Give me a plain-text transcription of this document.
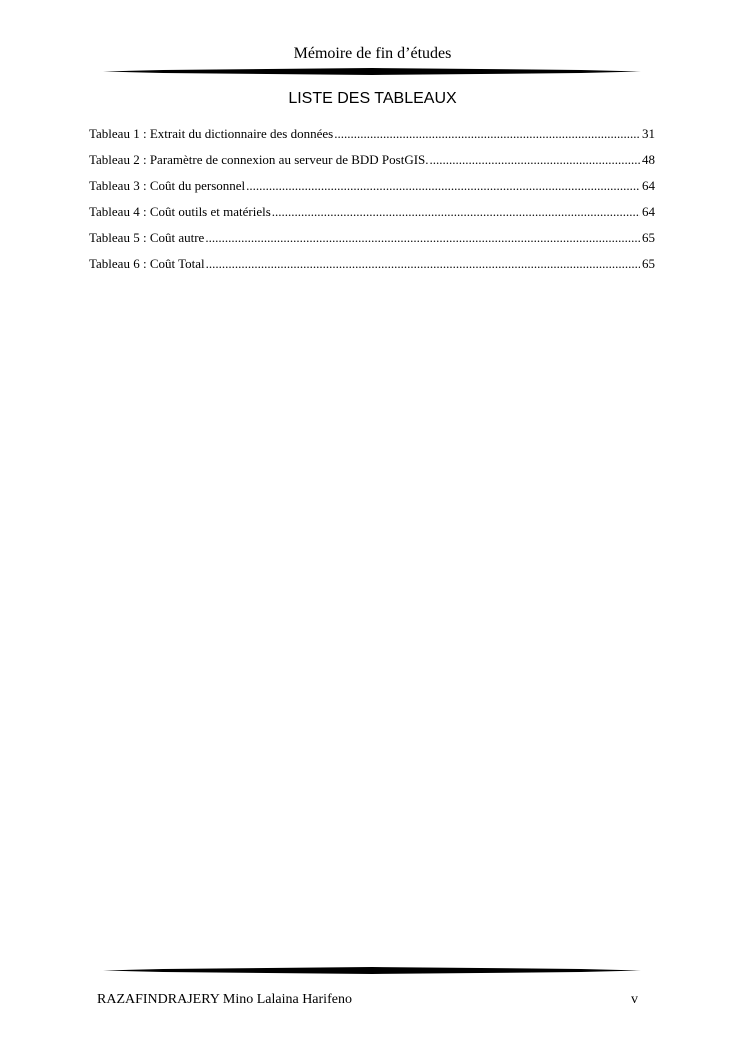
Mémoire de fin d’études
LISTE DES TABLEAUX
Tableau 1 : Extrait du dictionnaire des données .....	31
Tableau 2 : Paramètre de connexion au serveur de BDD PostGIS. .....	48
Tableau 3 : Coût du personnel .....	64
Tableau 4 : Coût outils et matériels .....	64
Tableau 5 : Coût autre .....	65
Tableau 6 : Coût Total .....	65
RAZAFINDRAJERY Mino Lalaina Harifeno	v
